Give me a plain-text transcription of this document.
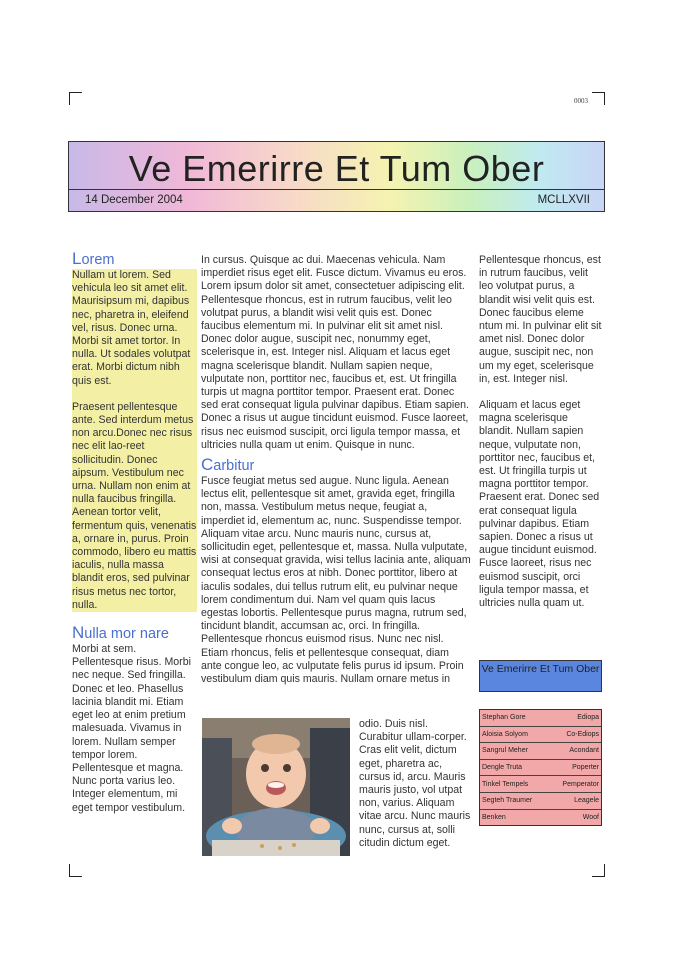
0003
Ve Emerirre Et Tum Ober
14 December 2004	MCLLXVII
Lorem

Nullam ut lorem. Sed vehicula leo sit amet elit. Maurisipsum mi, dapibus nec, pharetra in, eleifend vel, risus. Donec urna. Morbi sit amet tortor. In nulla. Ut sodales volutpat erat. Morbi dictum nibh quis est.

Praesent pellentesque ante. Sed interdum metus non arcu.Donec nec risus nec elit lao-reet sollicitudin. Donec aipsum. Vestibulum nec urna. Nullam non enim at nulla faucibus fringilla. Aenean tortor velit, fermentum quis, venenatis a, ornare in, purus. Proin commodo, libero eu mattis iaculis, nulla massa blandit eros, sed pulvinar risus metus nec tortor, nulla.

Nulla mor nare

Morbi at sem. Pellentesque risus. Morbi nec neque. Sed fringilla. Donec et leo. Phasellus lacinia blandit mi. Etiam eget leo at enim pretium malesuada. Vivamus in lorem. Nullam semper tempor lorem. Pellentesque et magna. Nunc porta varius leo. Integer elementum, mi eget tempor vestibulum.

In cursus. Quisque ac dui. Maecenas vehicula. Nam imperdiet risus eget elit. Fusce dictum. Vivamus eu eros. Lorem ipsum dolor sit amet, consectetuer adipiscing elit. Pellentesque rhoncus, est in rutrum faucibus, velit leo volutpat purus, a blandit wisi velit quis est. Donec faucibus elementum mi. In pulvinar elit sit amet nisl. Donec dolor augue, suscipit nec, nonummy eget, scelerisque in, est. Integer nisl. Aliquam et lacus eget magna scelerisque blandit. Nullam sapien neque, vulputate non, porttitor nec, faucibus et, est. Ut fringilla turpis ut magna porttitor tempor. Praesent erat. Donec sed erat consequat ligula pulvinar dapibus. Etiam sapien. Donec a risus ut augue tincidunt euismod. Fusce laoreet, risus nec euismod suscipit, orci ligula tempor massa, et ultricies nulla quam ut enim. Quisque in nunc.

Carbitur

Fusce feugiat metus sed augue. Nunc ligula. Aenean lectus elit, pellentesque sit amet, gravida eget, fringilla non, massa. Vestibulum metus neque, feugiat a, imperdiet id, elementum ac, nunc. Suspendisse tempor. Aliquam vitae arcu. Nunc mauris nunc, cursus at, sollicitudin eget, pellentesque et, massa. Nulla vulputate, wisi at consequat gravida, wisi tellus lacinia ante, aliquam consequat lectus eros at nibh. Donec porttitor, libero at iaculis sodales, dui tellus rutrum elit, eu pulvinar neque lorem condimentum dui. Nam vel quam quis lacus egestas lobortis. Pellentesque purus magna, rutrum sed, tincidunt blandit, accumsan ac, orci. In fringilla. Pellentesque rhoncus euismod risus. Nunc nec nisl. Etiam rhoncus, felis et pellentesque consequat, diam ante congue leo, ac vulputate felis purus id ipsum. Proin vestibulum diam quis mauris. Nullam ornare metus in

odio. Duis nisl. Curabitur ullam-corper. Cras elit velit, dictum eget, pharetra ac, cursus id, arcu. Mauris mauris justo, vol utpat non, varius. Aliquam vitae arcu. Nunc mauris nunc, cursus at, solli citudin dictum eget.

Pellentesque rhoncus, est in rutrum faucibus, velit leo volutpat purus, a blandit wisi velit quis est. Donec faucibus eleme ntum mi. In pulvinar elit sit amet nisl. Donec dolor augue, suscipit nec, non um my eget, scelerisque in, est. Integer nisl.

Aliquam et lacus eget magna scelerisque blandit. Nullam sapien neque, vulputate non, porttitor nec, faucibus et, est. Ut fringilla turpis ut magna porttitor tempor. Praesent erat. Donec sed erat consequat ligula pulvinar dapibus. Etiam sapien. Donec a risus ut augue tincidunt euismod. Fusce laoreet, risus nec euismod suscipit, orci ligula tempor massa, et ultricies nulla quam ut.

Ve Emerirre Et Tum Ober
Stephan Gore	Ediopa
Aloisia Solyom	Co-Ediops
Sangrul Meher	Acondant
Dengle Truta	Poperter
Tinkel Tempels	Pemperator
Segteh Traumer	Leagele
Benken	Woof
